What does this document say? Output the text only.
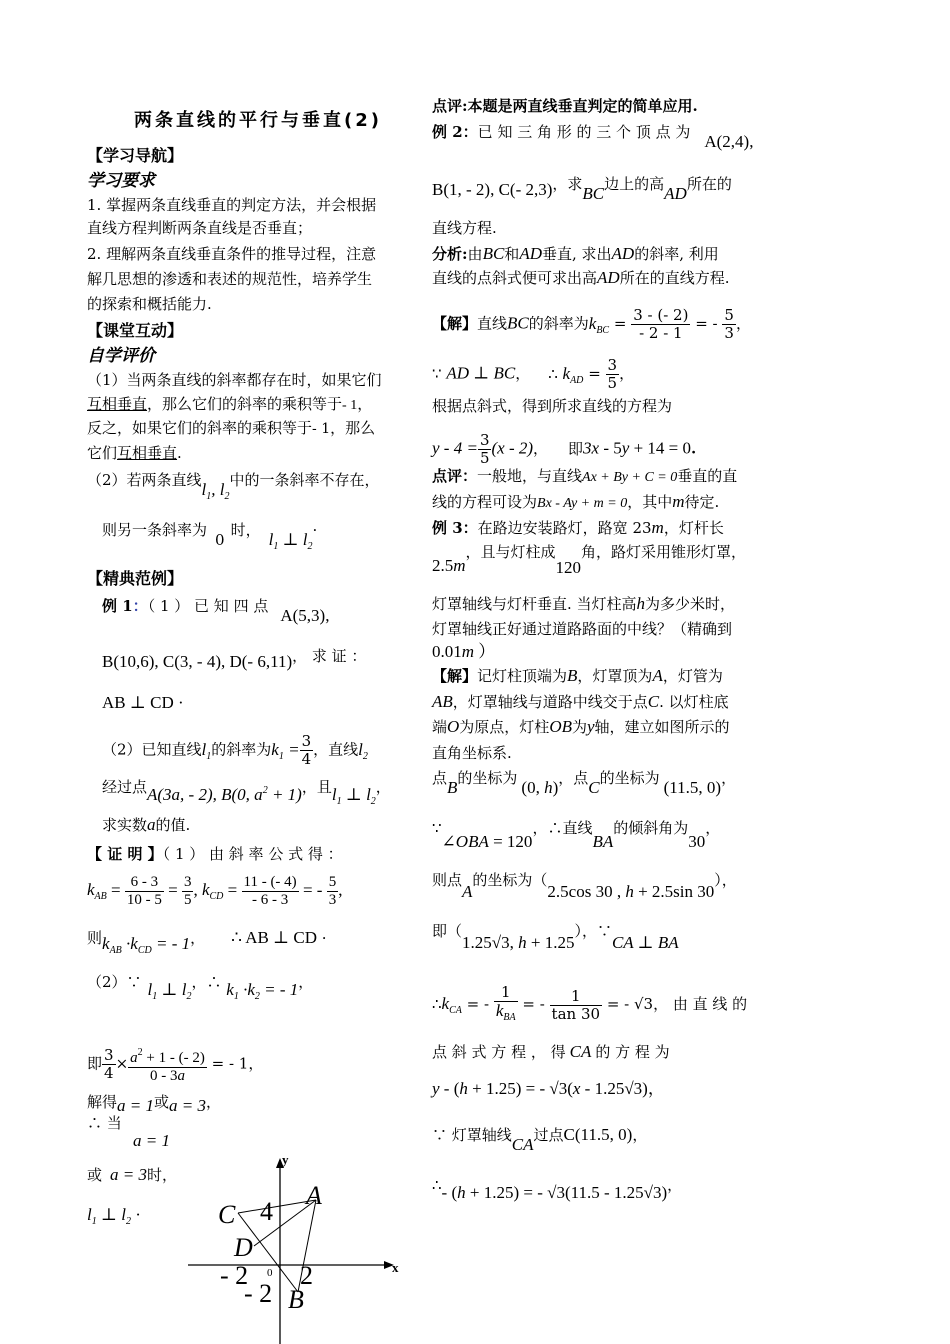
两条直线的平行与垂直(2)
【学习导航】
学习要求
1. 掌握两条直线垂直的判定方法，并会根据
直线方程判断两条直线是否垂直；
2. 理解两条直线垂直条件的推导过程，注意
解几思想的渗透和表述的规范性，培养学生
的探索和概括能力.
【课堂互动】
自学评价
（1）当两条直线的斜率都存在时，如果它们
互相垂直，那么它们的斜率的乘积等于- 1，
反之，如果它们的斜率的乘积等于- 1，那么
它们互相垂直.
（2）若两条直线$l_1$, $l_2$中的一条斜率不存在，
则另一条斜率为0时， $l_1$ ⊥ $l_2\cdot$
【精典范例】
例 1：（ 1 ） 已 知 四 点 A(5,3),
B(10,6), C(3, - 4), D(- 6,11)， 求 证 ：
AB ⊥ CD ·
（2）已知直线$l_1$的斜率为$k_1 = \frac{3}{4}$ ，直线$l_2$
经过点A(3a, - 2), B(0, $a^2 + 1$)，且$l_1$ ⊥ $l_2$，
求实数a的值.
【 证 明 】（ 1 ） 由 斜 率 公 式 得 ：
$k_{AB} = \frac{6 - 3}{10 - 5} = \frac{3}{5}$ , $k_{CD} = \frac{11 - (- 4)}{- 6 - 3}$ = - $\frac{5}{3}$ ,
则$k_{AB} \cdot k_{CD}$ = - 1， ∴ AB ⊥ CD ·
（2）∵ $l_1$ ⊥ $l_2$，∴ $k_1 \cdot k_2$ = - 1，
即 $\frac{3}{4} \times \frac{a^2 + 1 - (- 2)}{0 - 3a}$ = - 1，
解得a = 1或a = 3，
∴ 当
a = 1
或 a = 3时，
$l_1$ ⊥ $l_2$ ·
y
x
0
A
C 4
D
- 2 2
- 2 B
点评:本题是两直线垂直判定的简单应用.
例 2：已 知 三 角 形 的 三 个 顶 点 为 A(2,4),
B(1, - 2), C(- 2,3)，求BC边上的高AD所在的
直线方程.
分析:由BC和AD垂直, 求出AD的斜率, 利用
直线的点斜式便可求出高AD所在的直线方程.
【解】直线BC的斜率为$k_{BC} = \frac{3 - (- 2)}{- 2 - 1}$ = - $\frac{5}{3}$ ，
∵ AD ⊥ BC， ∴ $k_{AD} = \frac{3}{5}$ ，
根据点斜式，得到所求直线的方程为
$y - 4 = \frac{3}{5} (x - 2)$， 即3x - 5y + 14 = 0.
点评：一般地，与直线Ax + By + C = 0垂直的直
线的方程可设为Bx - Ay + m = 0，其中m待定.
例 3：在路边安装路灯，路宽 23m，灯杆长
2.5m，且与灯柱成120角，路灯采用锥形灯罩，
灯罩轴线与灯杆垂直. 当灯柱高h为多少米时，
灯罩轴线正好通过道路路面的中线？（精确到
0.01m ）
【解】记灯柱顶端为B，灯罩顶为A，灯管为
AB，灯罩轴线与道路中线交于点C. 以灯柱底
端O为原点，灯柱OB为y轴，建立如图所示的
直角坐标系.
点B的坐标为 (0, h)，点C的坐标为 (11.5, 0)，
∵∠OBA = 120，∴直线BA的倾斜角为30，
则点A的坐标为（2.5cos 30 , h + 2.5sin 30），
即（1.25√3, h + 1.25），∵CA ⊥ BA
$\therefore k_{CA}$ = - $\frac{1}{k_{BA}}$ = - $\frac{1}{\tan 30}$ = - √3， 由 直 线 的
点 斜 式 方 程 ， 得 CA 的 方 程 为
y - (h + 1.25) = - √3(x - 1.25√3)，
∵ 灯罩轴线CA过点C(11.5, 0)，
∴- (h + 1.25) = - √3(11.5 - 1.25√3)，
